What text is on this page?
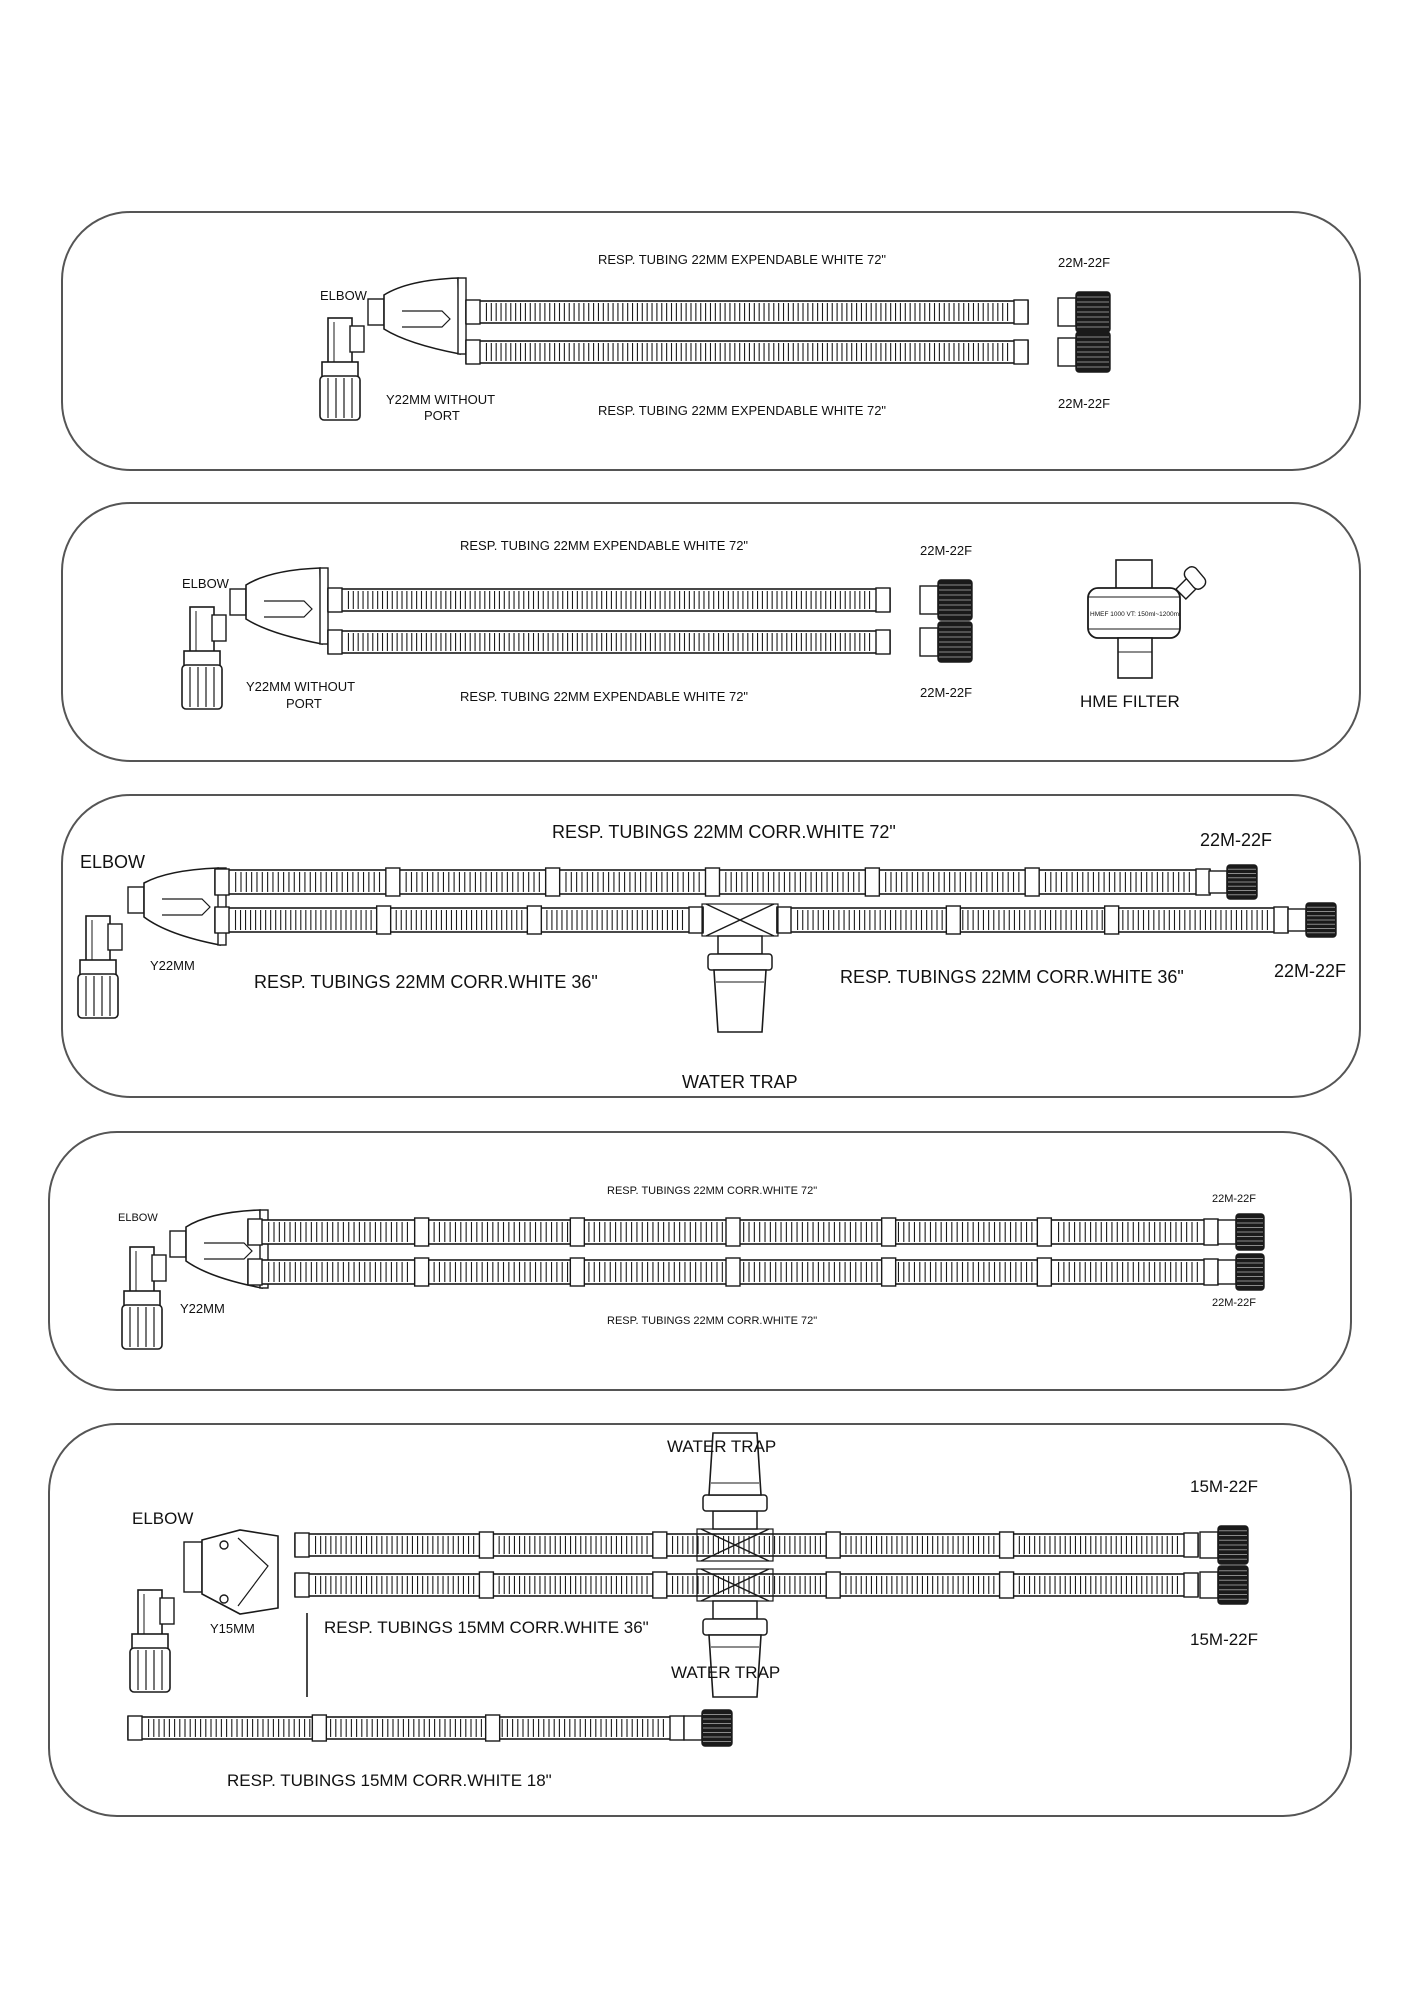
RESP. TUBING 22MM EXPENDABLE WHITE 72"
RESP. TUBING 22MM EXPENDABLE WHITE 72"
22M-22F
22M-22F
ELBOW
Y22MM WITHOUT
PORT
HMEF 1000 VT: 150ml~1200ml
RESP. TUBING 22MM EXPENDABLE WHITE 72"
RESP. TUBING 22MM EXPENDABLE WHITE 72"
22M-22F
22M-22F
ELBOW
Y22MM WITHOUT
PORT	HME FILTER
RESP. TUBINGS 22MM CORR.WHITE 72"
RESP. TUBINGS 22MM CORR.WHITE 36"	RESP. TUBINGS 22MM CORR.WHITE 36"
22M-22F
22M-22F
ELBOW
Y22MM
WATER TRAP
RESP. TUBINGS 22MM CORR.WHITE 72"
RESP. TUBINGS 22MM CORR.WHITE 72"
22M-22F
22M-22F
ELBOW
Y22MM
WATER TRAP
WATER TRAP
RESP. TUBINGS 15MM CORR.WHITE 36"
RESP. TUBINGS 15MM CORR.WHITE 18"
15M-22F
15M-22F
ELBOW
Y15MM
